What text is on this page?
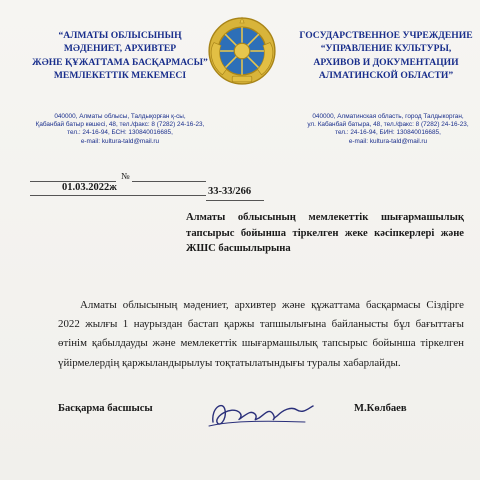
“АЛМАТЫ ОБЛЫСЫНЫҢ
МӘДЕНИЕТ, АРХИВТЕР
ЖӘНЕ ҚҰЖАТТАМА БАСҚАРМАСЫ”
МЕМЛЕКЕТТІК МЕКЕМЕСІ
ГОСУДАРСТВЕННОЕ УЧРЕЖДЕНИЕ
“УПРАВЛЕНИЕ КУЛЬТУРЫ,
АРХИВОВ И ДОКУМЕНТАЦИИ
АЛМАТИНСКОЙ ОБЛАСТИ”
040000, Алматы облысы, Талдықорған қ-сы,
Қабанбай батыр көшесі, 48, тел./факс: 8 (7282) 24-16-23,
тел.: 24-16-94, БСН: 130840016685,
e-mail: kultura-tald@mail.ru
040000, Алматинская область, город Талдыкорган,
ул. Кабанбай батыра, 48, тел./факс: 8 (7282) 24-16-23,
тел.: 24-16-94, БИН: 130840016685,
e-mail: kultura-tald@mail.ru
01.03.2022ж
№
33-33/266
Алматы облысының мемлекеттік шығармашылық тапсырыс бойынша тіркелген жеке кәсіпкерлері және ЖШС басшылырына
Алматы облысының мәдениет, архивтер және құжаттама басқармасы Сіздірге 2022 жылғы 1 наурыздан бастап қаржы тапшылығына байланысты бұл бағыттағы өтінім қабылдауды және мемлекеттік шығармашылық тапсырыс бойынша тіркелген үйірмелердің қаржыландырылуы тоқтатылатындығы туралы хабарлайды.
Басқарма басшысы	М.Көлбаев
